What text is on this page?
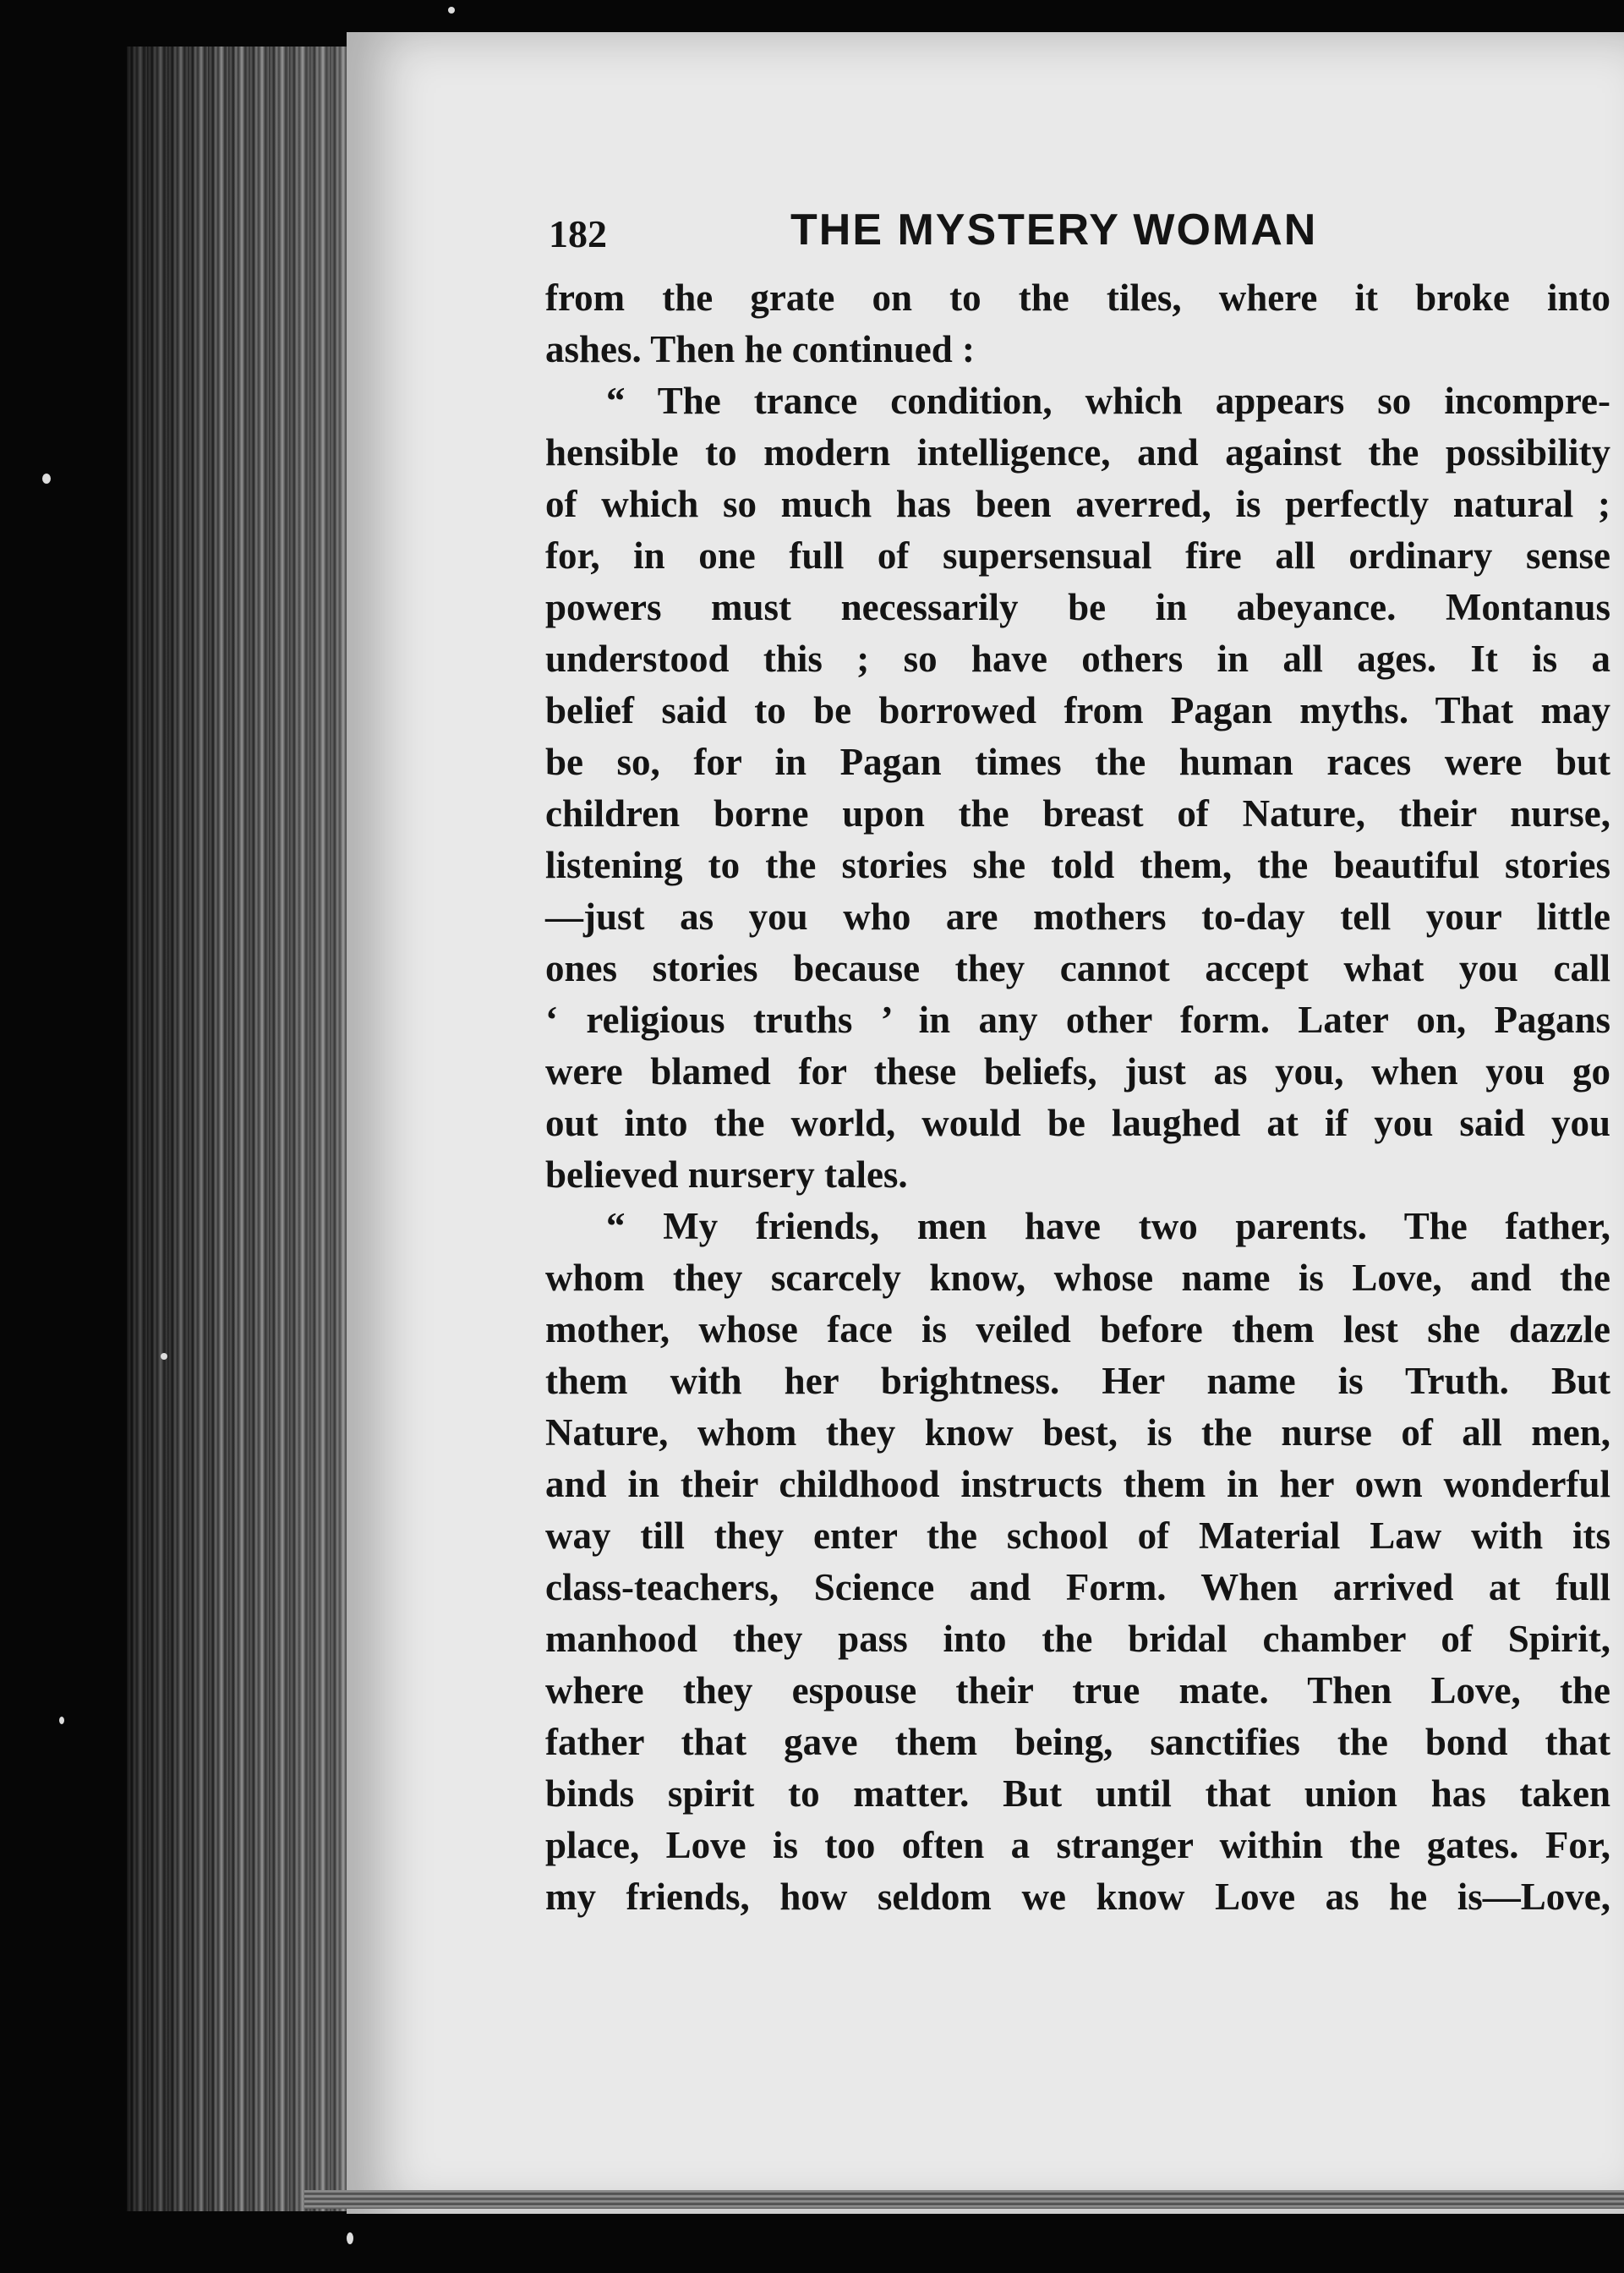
182	THE MYSTERY WOMAN
from the grate on to the tiles, where it broke into
ashes. Then he continued :
“ The trance condition, which appears so incompre-
hensible to modern intelligence, and against the possibility
of which so much has been averred, is perfectly natural ;
for, in one full of supersensual fire all ordinary sense
powers must necessarily be in abeyance. Montanus
understood this ; so have others in all ages. It is a
belief said to be borrowed from Pagan myths. That may
be so, for in Pagan times the human races were but
children borne upon the breast of Nature, their nurse,
listening to the stories she told them, the beautiful stories
—just as you who are mothers to-day tell your little
ones stories because they cannot accept what you call
‘ religious truths ’ in any other form. Later on, Pagans
were blamed for these beliefs, just as you, when you go
out into the world, would be laughed at if you said you
believed nursery tales.
“ My friends, men have two parents. The father,
whom they scarcely know, whose name is Love, and the
mother, whose face is veiled before them lest she dazzle
them with her brightness. Her name is Truth. But
Nature, whom they know best, is the nurse of all men,
and in their childhood instructs them in her own wonderful
way till they enter the school of Material Law with its
class-teachers, Science and Form. When arrived at full
manhood they pass into the bridal chamber of Spirit,
where they espouse their true mate. Then Love, the
father that gave them being, sanctifies the bond that
binds spirit to matter. But until that union has taken
place, Love is too often a stranger within the gates. For,
my friends, how seldom we know Love as he is—Love,
